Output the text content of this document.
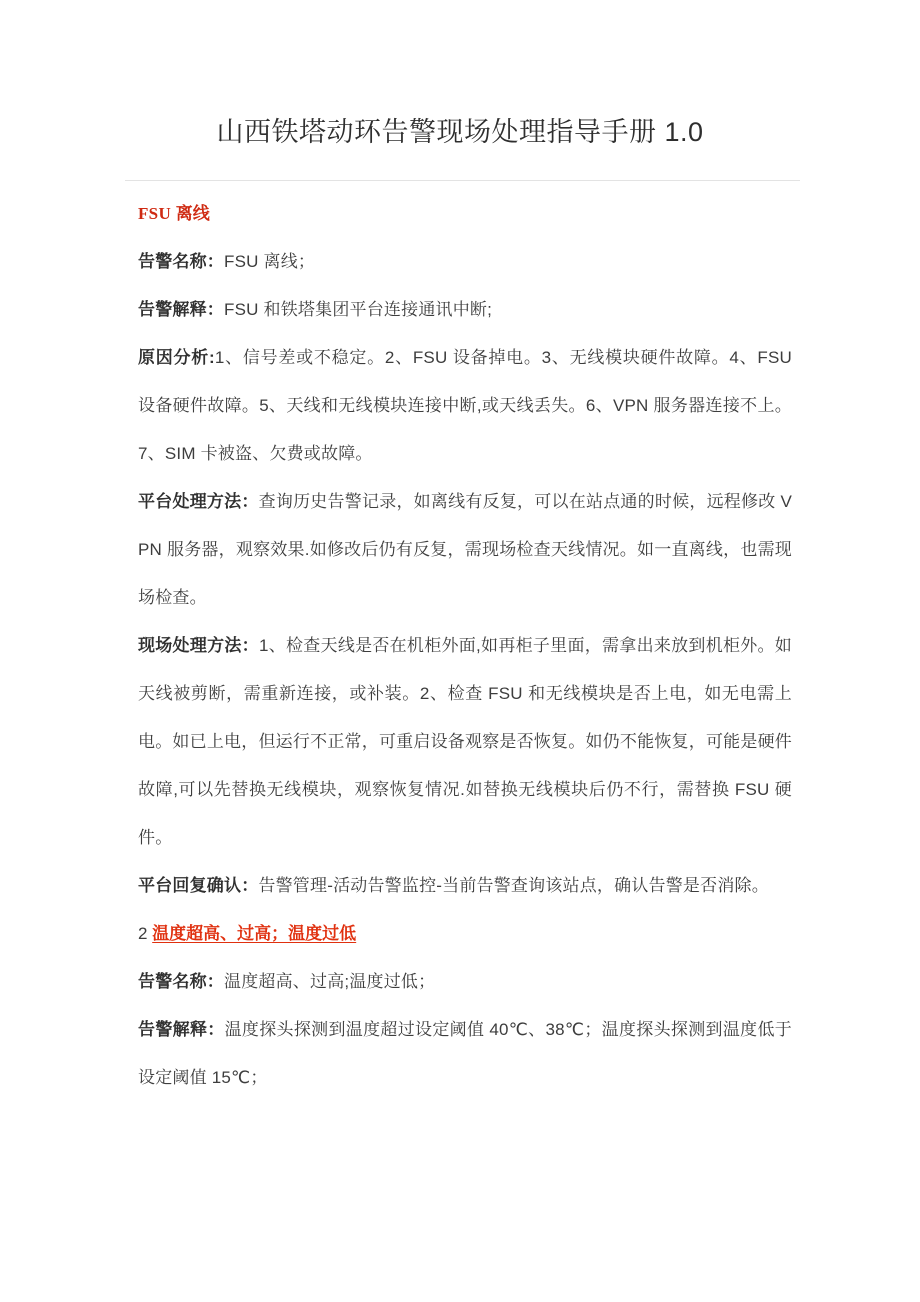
山西铁塔动环告警现场处理指导手册 1.0
FSU 离线

告警名称：FSU 离线；

告警解释：FSU 和铁塔集团平台连接通讯中断;

原因分析:1、信号差或不稳定。2、FSU 设备掉电。3、无线模块硬件故障。4、FSU 设备硬件故障。5、天线和无线模块连接中断,或天线丢失。6、VPN 服务器连接不上。7、SIM 卡被盗、欠费或故障。

平台处理方法：查询历史告警记录，如离线有反复，可以在站点通的时候，远程修改 VPN 服务器，观察效果.如修改后仍有反复，需现场检查天线情况。如一直离线，也需现场检查。

现场处理方法：1、检查天线是否在机柜外面,如再柜子里面，需拿出来放到机柜外。如天线被剪断，需重新连接，或补装。2、检查 FSU 和无线模块是否上电，如无电需上电。如已上电，但运行不正常，可重启设备观察是否恢复。如仍不能恢复，可能是硬件故障,可以先替换无线模块，观察恢复情况.如替换无线模块后仍不行，需替换 FSU 硬件。

平台回复确认：告警管理-活动告警监控-当前告警查询该站点，确认告警是否消除。

2 温度超高、过高；温度过低

告警名称：温度超高、过高;温度过低；

告警解释：温度探头探测到温度超过设定阈值 40℃、38℃；温度探头探测到温度低于设定阈值 15℃；
